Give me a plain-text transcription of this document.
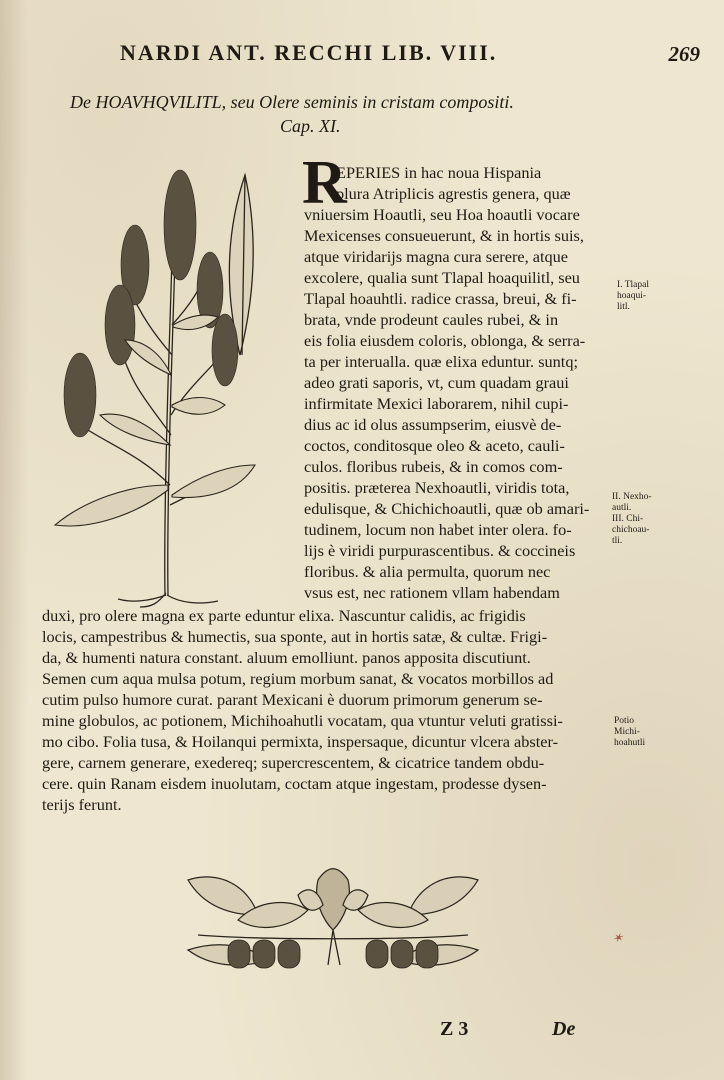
NARDI ANT. RECCHI LIB. VIII.	269
De HOAVHQVILITL, seu Olere seminis in cristam compositi.
Cap. XI.
R
EPERIES in hac noua Hispania
plura Atriplicis agrestis genera, quæ
vniuersim Hoautli, seu Hoa hoautli vocare
Mexicenses consueuerunt, & in hortis suis,
atque viridarijs magna cura serere, atque
excolere, qualia sunt Tlapal hoaquilitl, seu
Tlapal hoauhtli. radice crassa, breui, & fi-
brata, vnde prodeunt caules rubei, & in
eis folia eiusdem coloris, oblonga, & serra-
ta per interualla. quæ elixa eduntur. suntq;
adeo grati saporis, vt, cum quadam graui
infirmitate Mexici laborarem, nihil cupi-
dius ac id olus assumpserim, eiusvè de-
coctos, conditosque oleo & aceto, cauli-
culos. floribus rubeis, & in comos com-
positis. præterea Nexhoautli, viridis tota,
edulisque, & Chichichoautli, quæ ob amari-
tudinem, locum non habet inter olera. fo-
lijs è viridi purpurascentibus. & coccineis
floribus. & alia permulta, quorum nec
vsus est, nec rationem vllam habendam
duxi, pro olere magna ex parte eduntur elixa. Nascuntur calidis, ac frigidis
locis, campestribus & humectis, sua sponte, aut in hortis satæ, & cultæ. Frigi-
da, & humenti natura constant. aluum emolliunt. panos apposita discutiunt.
Semen cum aqua mulsa potum, regium morbum sanat, & vocatos morbillos ad
cutim pulso humore curat. parant Mexicani è duorum primorum generum se-
mine globulos, ac potionem, Michihoahutli vocatam, qua vtuntur veluti gratissi-
mo cibo. Folia tusa, & Hoilanqui permixta, inspersaque, dicuntur vlcera abster-
gere, carnem generare, exedereq; supercrescentem, & cicatrice tandem obdu-
cere. quin Ranam eisdem inuolutam, coctam atque ingestam, prodesse dysen-
terijs ferunt.
I. Tlapal
hoaqui-
litl.
II. Nexho-
autli.
III. Chi-
chichoau-
tli.
Potio
Michi-
hoahutli
✶
Z 3	De
